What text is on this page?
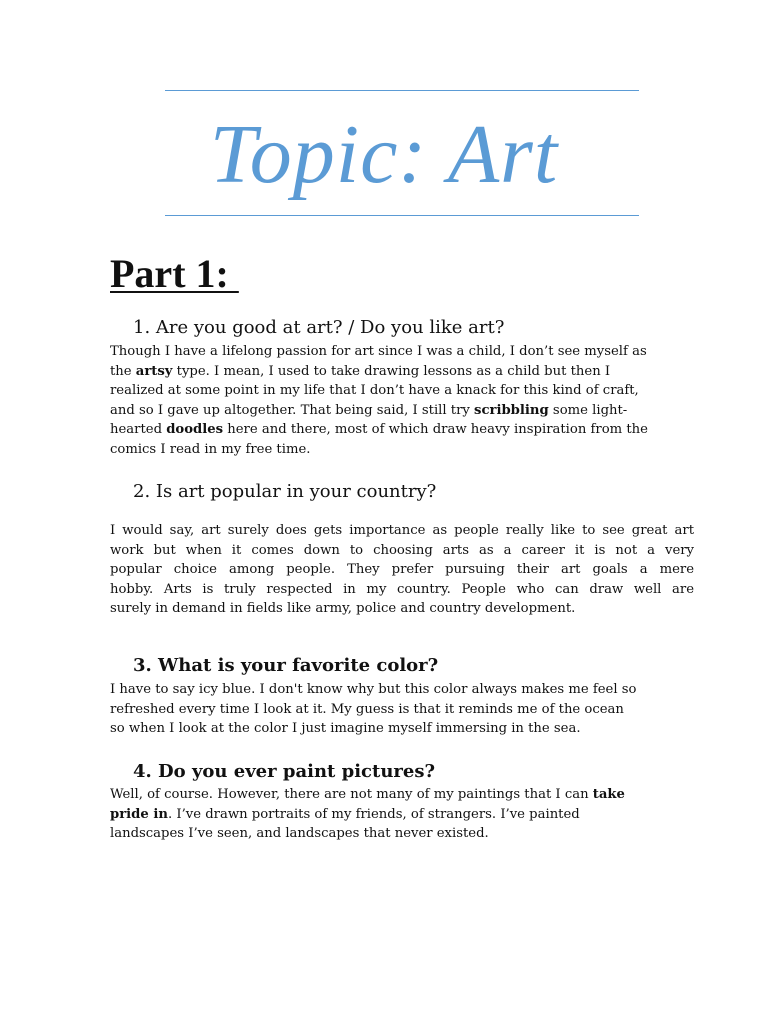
Topic: Art
Part 1:
1. Are you good at art? / Do you like art?
Though I have a lifelong passion for art since I was a child, I don’t see myself as
the artsy type. I mean, I used to take drawing lessons as a child but then I
realized at some point in my life that I don’t have a knack for this kind of craft,
and so I gave up altogether. That being said, I still try scribbling some light-
hearted doodles here and there, most of which draw heavy inspiration from the
comics I read in my free time.
2. Is art popular in your country?
I would say, art surely does gets importance as people really like to see great art
work but when it comes down to choosing arts as a career it is not a very
popular choice among people. They prefer pursuing their art goals a mere
hobby. Arts is truly respected in my country. People who can draw well are
surely in demand in fields like army, police and country development.
3. What is your favorite color?
I have to say icy blue. I don't know why but this color always makes me feel so
refreshed every time I look at it. My guess is that it reminds me of the ocean
so when I look at the color I just imagine myself immersing in the sea.
4. Do you ever paint pictures?
Well, of course. However, there are not many of my paintings that I can take
pride in. I’ve drawn portraits of my friends, of strangers. I’ve painted
landscapes I’ve seen, and landscapes that never existed.
